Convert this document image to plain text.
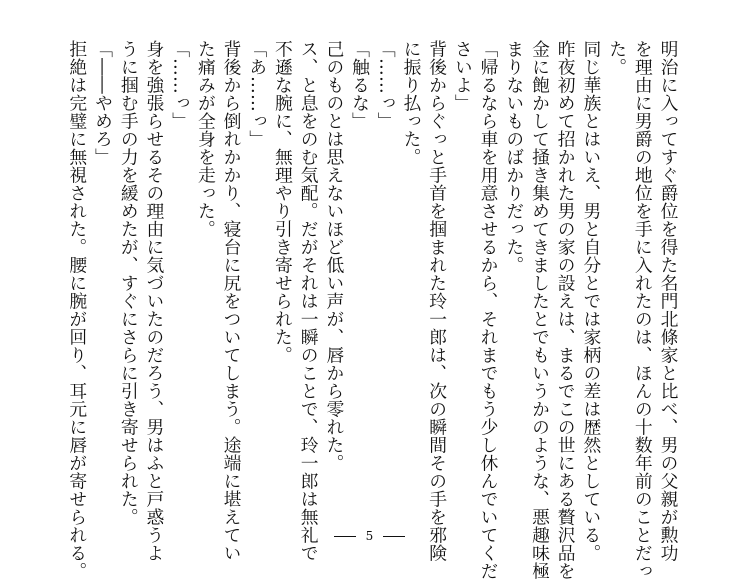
明治に入ってすぐ爵位を得た名門北條家と比べ、男の父親が勲功
を理由に男爵の地位を手に入れたのは、ほんの十数年前のことだっ
た。
同じ華族とはいえ、男と自分とでは家柄の差は歴然としている。
昨夜初めて招かれた男の家の設えは、まるでこの世にある贅沢品を
金に飽かして掻き集めてきましたとでもいうかのような、悪趣味極
まりないものばかりだった。
「帰るなら車を用意させるから、それまでもう少し休んでいてくだ
さいよ」
背後からぐっと手首を掴まれた玲一郎は、次の瞬間その手を邪険
に振り払った。
「……っ」
「触るな」
己のものとは思えないほど低い声が、唇から零れた。
ス、と息をのむ気配。だがそれは一瞬のことで、玲一郎は無礼で
不遜な腕に、無理やり引き寄せられた。
「あ……っ」
背後から倒れかかり、寝台に尻をついてしまう。途端に堪えてい
た痛みが全身を走った。
「……っ」
身を強張らせるその理由に気づいたのだろう、男はふと戸惑うよ
うに掴む手の力を緩めたが、すぐにさらに引き寄せられた。
「――やめろ」
拒絶は完璧に無視された。腰に腕が回り、耳元に唇が寄せられる。	5
